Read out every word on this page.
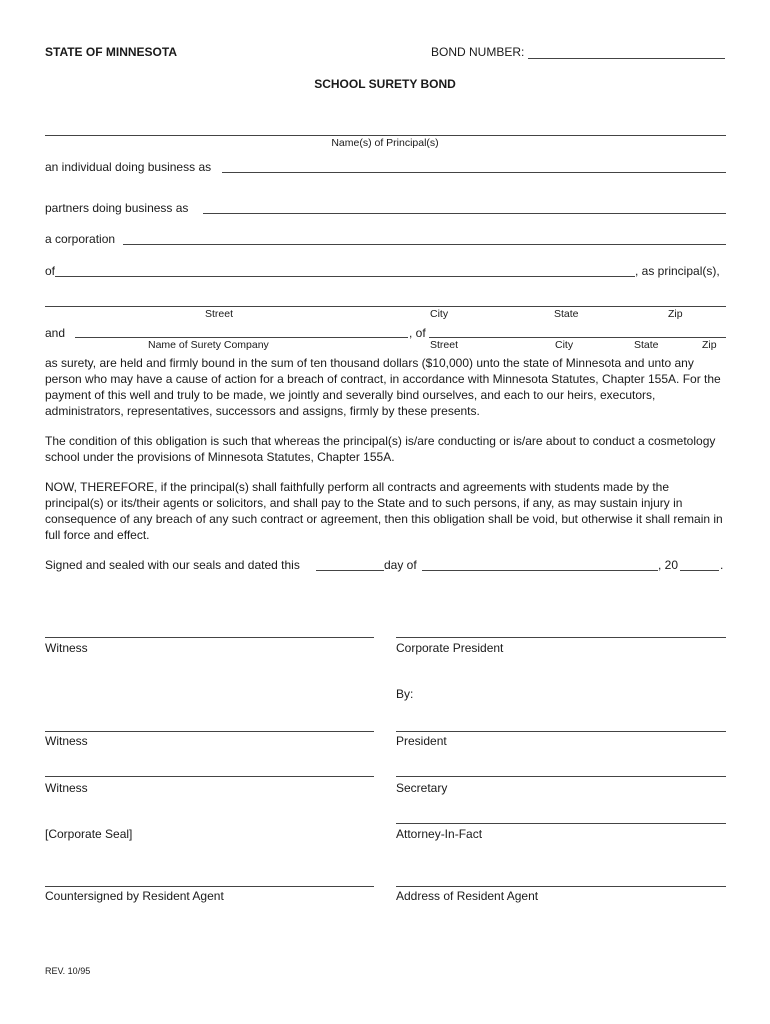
STATE OF MINNESOTA	BOND NUMBER:
SCHOOL SURETY BOND
Name(s) of Principal(s)
an individual doing business as
partners doing business as
a corporation
of	, as principal(s),
Street	City	State	Zip
and	, of
Name of Surety Company	Street	City	State	Zip

as surety, are held and firmly bound in the sum of ten thousand dollars ($10,000) unto the state of Minnesota and unto any person who may have a cause of action for a breach of contract, in accordance with Minnesota Statutes, Chapter 155A. For the payment of this well and truly to be made, we jointly and severally bind ourselves, and each to our heirs, executors, administrators, representatives, successors and assigns, firmly by these presents.

The condition of this obligation is such that whereas the principal(s) is/are conducting or is/are about to conduct a cosmetology school under the provisions of Minnesota Statutes, Chapter 155A.

NOW, THEREFORE, if the principal(s) shall faithfully perform all contracts and agreements with students made by the principal(s) or its/their agents or solicitors, and shall pay to the State and to such persons, if any, as may sustain injury in consequence of any breach of any such contract or agreement, then this obligation shall be void, but otherwise it shall remain in full force and effect.

Signed and sealed with our seals and dated this	day of	, 20	.
Witness	Corporate President
By:
Witness	President
Witness	Secretary
[Corporate Seal]	Attorney-In-Fact
Countersigned by Resident Agent	Address of Resident Agent
REV. 10/95
